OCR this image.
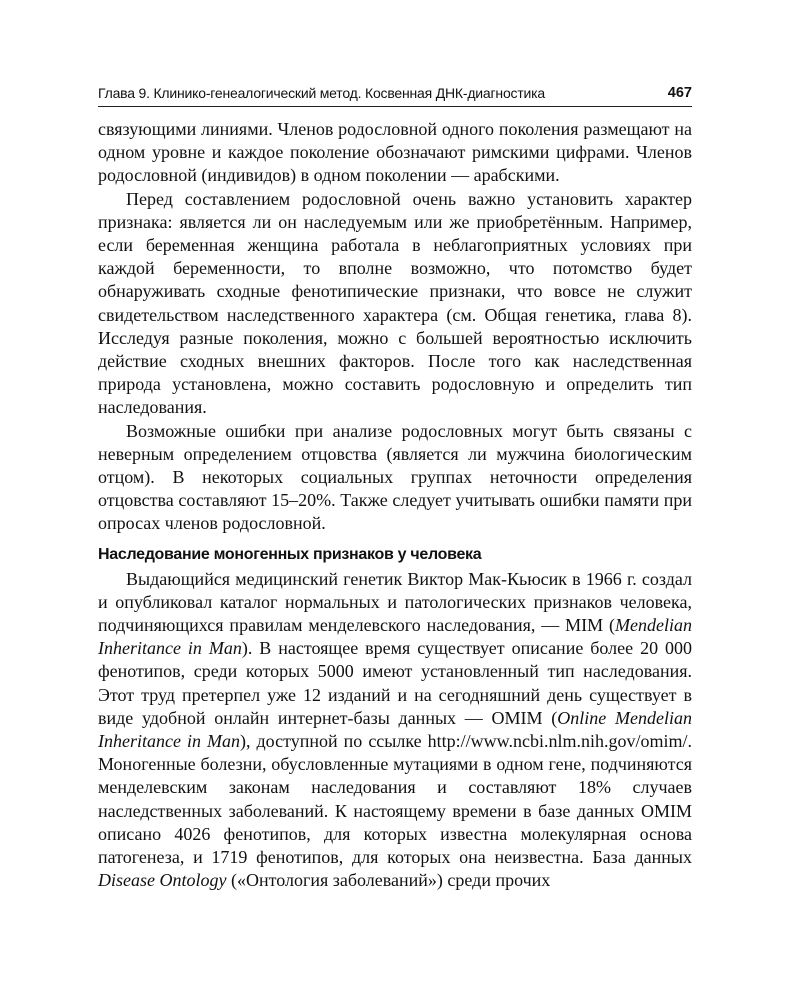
Глава 9. Клинико-генеалогический метод. Косвенная ДНК-диагностика	467

связующими линиями. Членов родословной одного поколения размещают на одном уровне и каждое поколение обозначают римскими цифрами. Членов родословной (индивидов) в одном поколении — арабскими.

Перед составлением родословной очень важно установить характер признака: является ли он наследуемым или же приобретённым. Например, если беременная женщина работала в неблагоприятных условиях при каждой беременности, то вполне возможно, что потомство будет обнаруживать сходные фенотипические признаки, что вовсе не служит свидетельством наследственного характера (см. Общая генетика, глава 8). Исследуя разные поколения, можно с большей вероятностью исключить действие сходных внешних факторов. После того как наследственная природа установлена, можно составить родословную и определить тип наследования.

Возможные ошибки при анализе родословных могут быть связаны с неверным определением отцовства (является ли мужчина биологическим отцом). В некоторых социальных группах неточности определения отцовства составляют 15–20%. Также следует учитывать ошибки памяти при опросах членов родословной.

Наследование моногенных признаков у человека

Выдающийся медицинский генетик Виктор Мак-Кьюсик в 1966 г. создал и опубликовал каталог нормальных и патологических признаков человека, подчиняющихся правилам менделевского наследования, — MIM (Mendelian Inheritance in Man). В настоящее время существует описание более 20 000 фенотипов, среди которых 5000 имеют установленный тип наследования. Этот труд претерпел уже 12 изданий и на сегодняшний день существует в виде удобной онлайн интернет-базы данных — OMIM (Online Mendelian Inheritance in Man), доступной по ссылке http://​www.ncbi.nlm.nih.gov/omim/. Моногенные болезни, обусловленные мутациями в одном гене, подчиняются менделевским законам наследования и составляют 18% случаев наследственных заболеваний. К настоящему времени в базе данных OMIM описано 4026 фенотипов, для которых известна молекулярная основа патогенеза, и 1719 фенотипов, для которых она неизвестна. База данных Disease Ontology («Онтология заболеваний») среди прочих
